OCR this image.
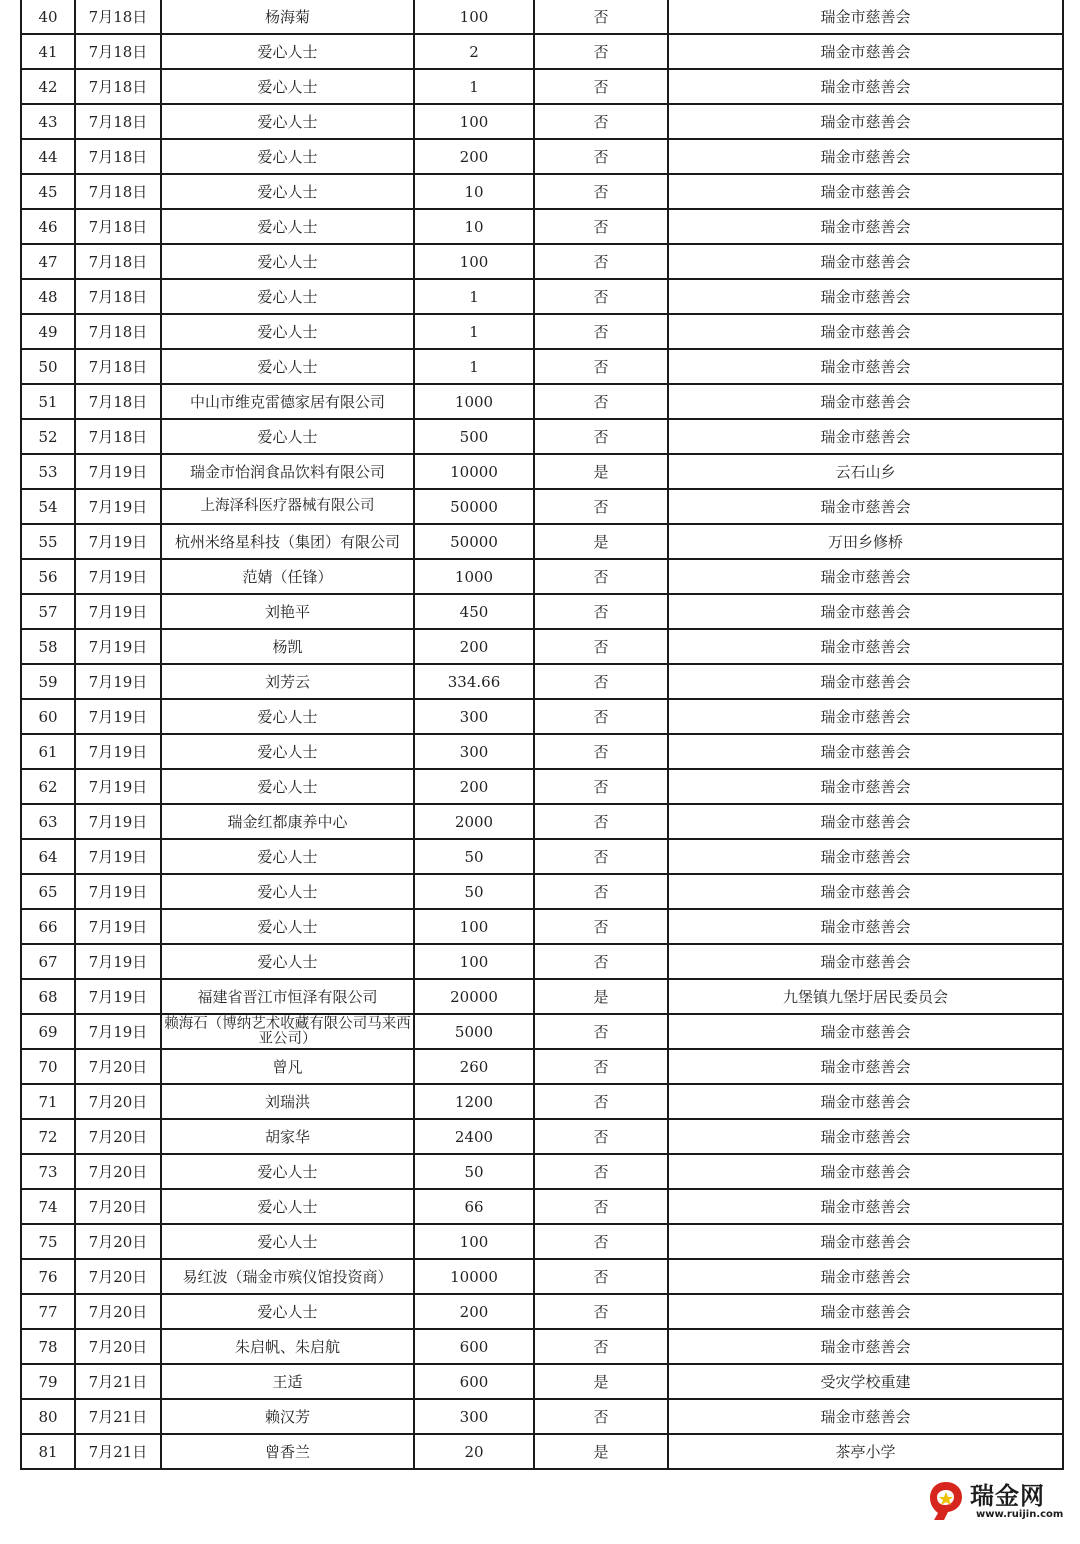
40	7月18日	杨海菊	100	否	瑞金市慈善会
41	7月18日	爱心人士	2	否	瑞金市慈善会
42	7月18日	爱心人士	1	否	瑞金市慈善会
43	7月18日	爱心人士	100	否	瑞金市慈善会
44	7月18日	爱心人士	200	否	瑞金市慈善会
45	7月18日	爱心人士	10	否	瑞金市慈善会
46	7月18日	爱心人士	10	否	瑞金市慈善会
47	7月18日	爱心人士	100	否	瑞金市慈善会
48	7月18日	爱心人士	1	否	瑞金市慈善会
49	7月18日	爱心人士	1	否	瑞金市慈善会
50	7月18日	爱心人士	1	否	瑞金市慈善会
51	7月18日	中山市维克雷德家居有限公司	1000	否	瑞金市慈善会
52	7月18日	爱心人士	500	否	瑞金市慈善会
53	7月19日	瑞金市怡润食品饮料有限公司	10000	是	云石山乡
54	7月19日	上海泽科医疗器械有限公司	50000	否	瑞金市慈善会
55	7月19日	杭州米络星科技（集团）有限公司	50000	是	万田乡修桥
56	7月19日	范婧（任锋）	1000	否	瑞金市慈善会
57	7月19日	刘艳平	450	否	瑞金市慈善会
58	7月19日	杨凯	200	否	瑞金市慈善会
59	7月19日	刘芳云	334.66	否	瑞金市慈善会
60	7月19日	爱心人士	300	否	瑞金市慈善会
61	7月19日	爱心人士	300	否	瑞金市慈善会
62	7月19日	爱心人士	200	否	瑞金市慈善会
63	7月19日	瑞金红都康养中心	2000	否	瑞金市慈善会
64	7月19日	爱心人士	50	否	瑞金市慈善会
65	7月19日	爱心人士	50	否	瑞金市慈善会
66	7月19日	爱心人士	100	否	瑞金市慈善会
67	7月19日	爱心人士	100	否	瑞金市慈善会
68	7月19日	福建省晋江市恒泽有限公司	20000	是	九堡镇九堡圩居民委员会
69	7月19日	赖海石（博纳艺术收藏有限公司马来西亚公司）	5000	否	瑞金市慈善会
70	7月20日	曾凡	260	否	瑞金市慈善会
71	7月20日	刘瑞洪	1200	否	瑞金市慈善会
72	7月20日	胡家华	2400	否	瑞金市慈善会
73	7月20日	爱心人士	50	否	瑞金市慈善会
74	7月20日	爱心人士	66	否	瑞金市慈善会
75	7月20日	爱心人士	100	否	瑞金市慈善会
76	7月20日	易红波（瑞金市殡仪馆投资商）	10000	否	瑞金市慈善会
77	7月20日	爱心人士	200	否	瑞金市慈善会
78	7月20日	朱启帆、朱启航	600	否	瑞金市慈善会
79	7月21日	王适	600	是	受灾学校重建
80	7月21日	赖汉芳	300	否	瑞金市慈善会
81	7月21日	曾香兰	20	是	茶亭小学
瑞金网
www.ruijin.com
